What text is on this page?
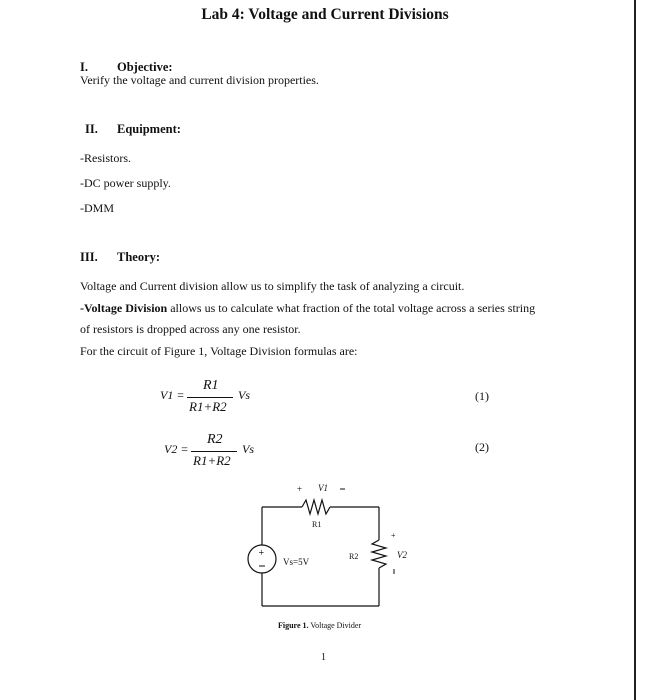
Lab 4: Voltage and Current Divisions
I. Objective:
Verify the voltage and current division properties.
II. Equipment:
-Resistors.
-DC power supply.
-DMM
III. Theory:
Voltage and Current division allow us to simplify the task of analyzing a circuit.
-Voltage Division allows us to calculate what fraction of the total voltage across a series string
of resistors is dropped across any one resistor.
For the circuit of Figure 1, Voltage Division formulas are:
V1 =
R1
R1+R2
Vs	(1)
V2 =
R2
R1+R2
Vs	(2)
+
+
+
V1
R1
R2	V2
Vs=5V
Figure 1. Voltage Divider
1
